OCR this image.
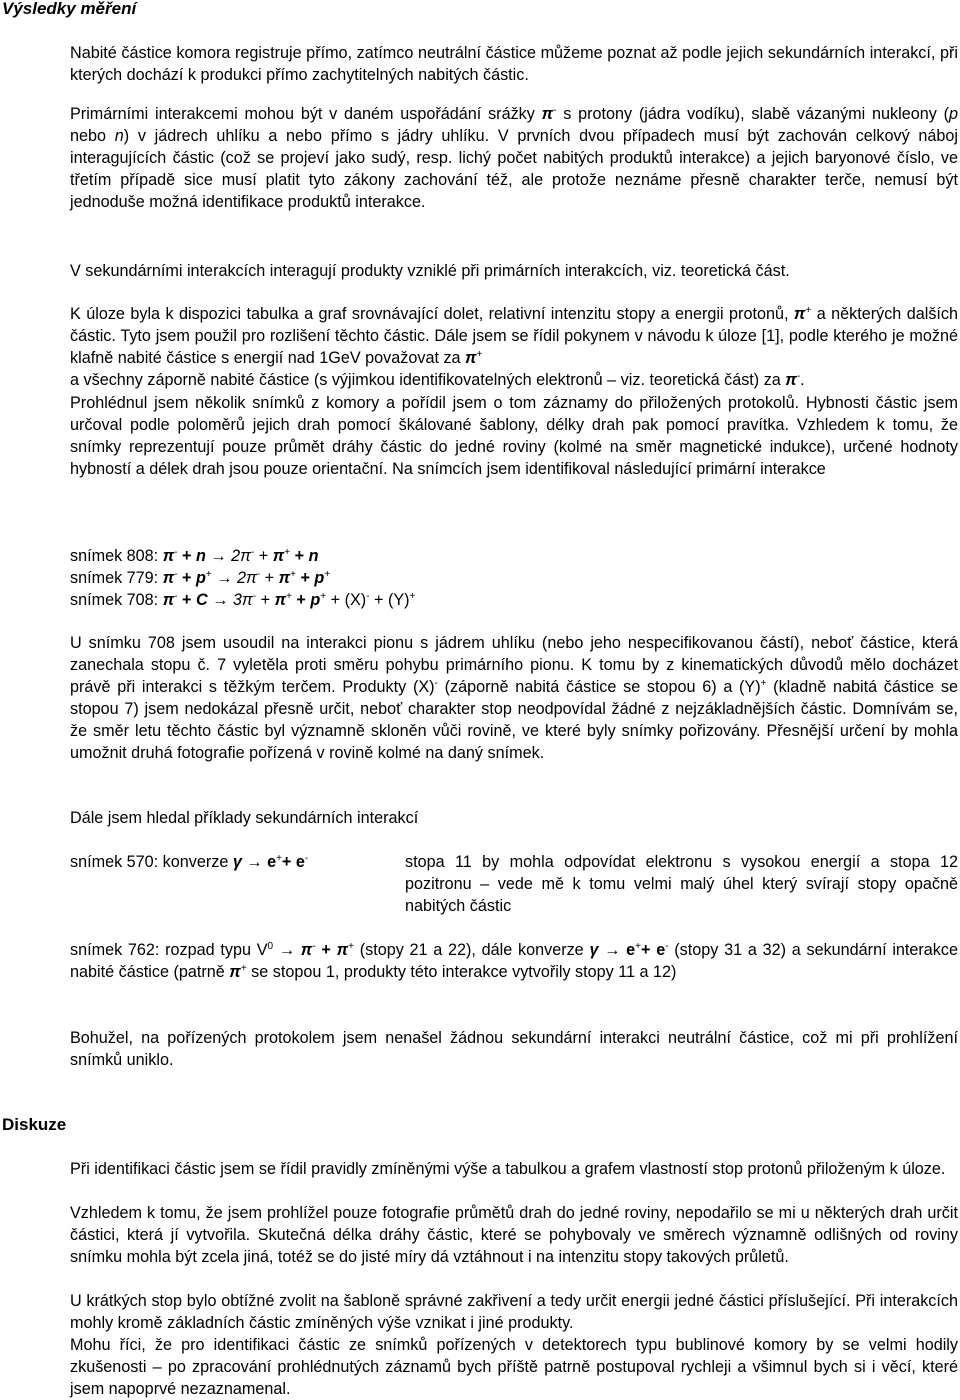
Výsledky měření

Nabité částice komora registruje přímo, zatímco neutrální částice můžeme poznat až podle jejich sekundárních interakcí, při kterých dochází k produkci přímo zachytitelných nabitých částic.

Primárními interakcemi mohou být v daném uspořádání srážky π- s protony (jádra vodíku), slabě vázanými nukleony (p nebo n) v jádrech uhlíku a nebo přímo s jádry uhlíku. V prvních dvou případech musí být zachován celkový náboj interagujících částic (což se projeví jako sudý, resp. lichý počet nabitých produktů interakce) a jejich baryonové číslo, ve třetím případě sice musí platit tyto zákony zachování též, ale protože neznáme přesně charakter terče, nemusí být jednoduše možná identifikace produktů interakce.

V sekundárními interakcích interagují produkty vzniklé při primárních interakcích, viz. teoretická část.

K úloze byla k dispozici tabulka a graf srovnávající dolet, relativní intenzitu stopy a energii protonů, π+ a některých dalších částic. Tyto jsem použil pro rozlišení těchto částic. Dále jsem se řídil pokynem v návodu k úloze [1], podle kterého je možné klafně nabité částice s energií nad 1GeV považovat za π+
a všechny záporně nabité částice (s výjimkou identifikovatelných elektronů – viz. teoretická část) za π-.

Prohlédnul jsem několik snímků z komory a pořídil jsem o tom záznamy do přiložených protokolů. Hybnosti částic jsem určoval podle poloměrů jejich drah pomocí škálované šablony, délky drah pak pomocí pravítka. Vzhledem k tomu, že snímky reprezentují pouze průmět dráhy částic do jedné roviny (kolmé na směr magnetické indukce), určené hodnoty hybností a délek drah jsou pouze orientační. Na snímcích jsem identifikoval následující primární interakce

snímek 808: π- + n → 2π- + π+ + n
snímek 779: π- + p+ → 2π- + π+ + p+
snímek 708: π- + C → 3π- + π+ + p+ + (X)- + (Y)+

U snímku 708 jsem usoudil na interakci pionu s jádrem uhlíku (nebo jeho nespecifikovanou částí), neboť částice, která zanechala stopu č. 7 vyletěla proti směru pohybu primárního pionu. K tomu by z kinematických důvodů mělo docházet právě při interakci s těžkým terčem. Produkty (X)- (záporně nabitá částice se stopou 6) a (Y)+ (kladně nabitá částice se stopou 7) jsem nedokázal přesně určit, neboť charakter stop neodpovídal žádné z nejzákladnějších částic. Domnívám se, že směr letu těchto částic byl významně skloněn vůči rovině, ve které byly snímky pořizovány. Přesnější určení by mohla umožnit druhá fotografie pořízená v rovině kolmé na daný snímek.

Dále jsem hledal příklady sekundárních interakcí

snímek 570: konverze γ → e++ e-	stopa 11 by mohla odpovídat elektronu s vysokou energií a stopa 12 pozitronu – vede mě k tomu velmi malý úhel který svírají stopy opačně nabitých částic

snímek 762: rozpad typu $V^0 \to \pi^- + \pi^+$ (stopy 21 a 22), dále konverze γ → e++ e- (stopy 31 a 32) a sekundární interakce nabité částice (patrně π+ se stopou 1, produkty této interakce vytvořily stopy 11 a 12)

Bohužel, na pořízených protokolem jsem nenašel žádnou sekundární interakci neutrální částice, což mi při prohlížení snímků uniklo.

Diskuze

Při identifikaci částic jsem se řídil pravidly zmíněnými výše a tabulkou a grafem vlastností stop protonů přiloženým k úloze.

Vzhledem k tomu, že jsem prohlížel pouze fotografie průmětů drah do jedné roviny, nepodařilo se mi u některých drah určit částici, která jí vytvořila. Skutečná délka dráhy částic, které se pohybovaly ve směrech významně odlišných od roviny snímku mohla být zcela jiná, totéž se do jisté míry dá vztáhnout i na intenzitu stopy takových průletů.

U krátkých stop bylo obtížné zvolit na šabloně správné zakřivení a tedy určit energii jedné částici příslušející. Při interakcích mohly kromě základních částic zmíněných výše vznikat i jiné produkty.

Mohu říci, že pro identifikaci částic ze snímků pořízených v detektorech typu bublinové komory by se velmi hodily zkušenosti – po zpracování prohlédnutých záznamů bych příště patrně postupoval rychleji a všimnul bych si i věcí, které jsem napoprvé nezaznamenal.
